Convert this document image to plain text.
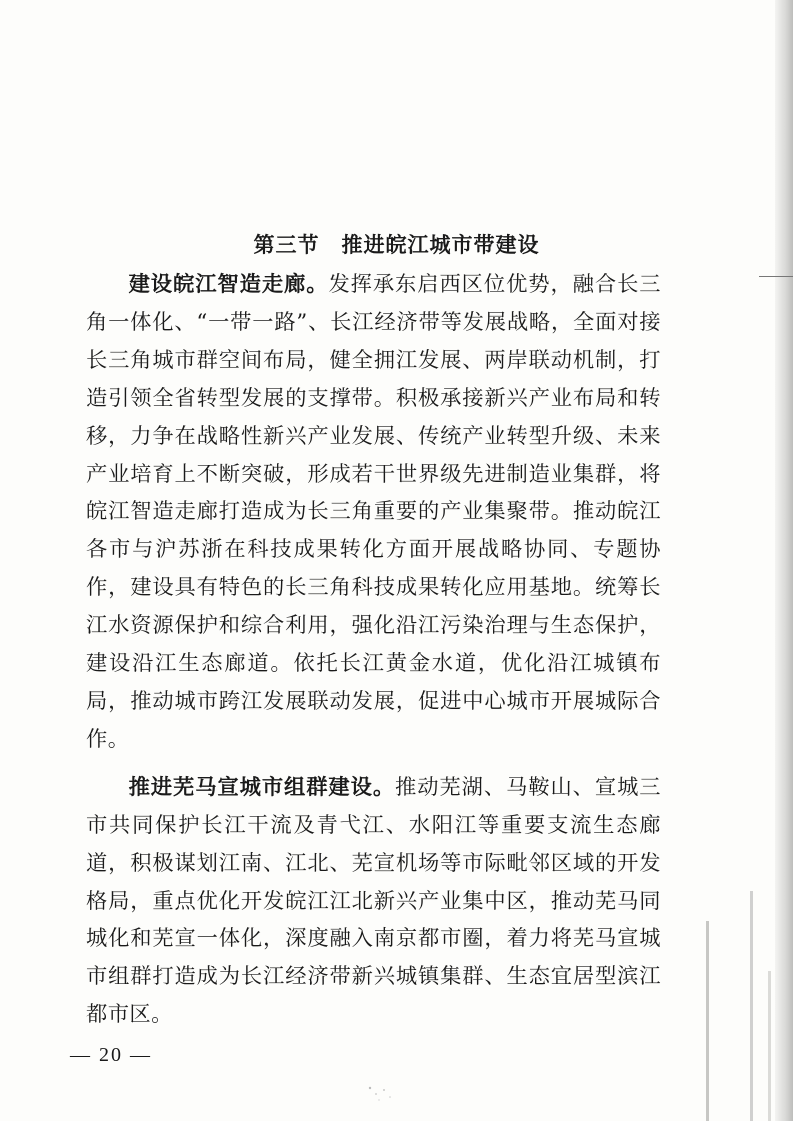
第三节　推进皖江城市带建设

建设皖江智造走廊。发挥承东启西区位优势，融合长三角一体化、“一带一路”、长江经济带等发展战略，全面对接长三角城市群空间布局，健全拥江发展、两岸联动机制，打造引领全省转型发展的支撑带。积极承接新兴产业布局和转移，力争在战略性新兴产业发展、传统产业转型升级、未来产业培育上不断突破，形成若干世界级先进制造业集群，将皖江智造走廊打造成为长三角重要的产业集聚带。推动皖江各市与沪苏浙在科技成果转化方面开展战略协同、专题协作，建设具有特色的长三角科技成果转化应用基地。统筹长江水资源保护和综合利用，强化沿江污染治理与生态保护，建设沿江生态廊道。依托长江黄金水道，优化沿江城镇布局，推动城市跨江发展联动发展，促进中心城市开展城际合作。

推进芜马宣城市组群建设。推动芜湖、马鞍山、宣城三市共同保护长江干流及青弋江、水阳江等重要支流生态廊道，积极谋划江南、江北、芜宣机场等市际毗邻区域的开发格局，重点优化开发皖江江北新兴产业集中区，推动芜马同城化和芜宣一体化，深度融入南京都市圈，着力将芜马宣城市组群打造成为长江经济带新兴城镇集群、生态宜居型滨江都市区。

— 20 —
